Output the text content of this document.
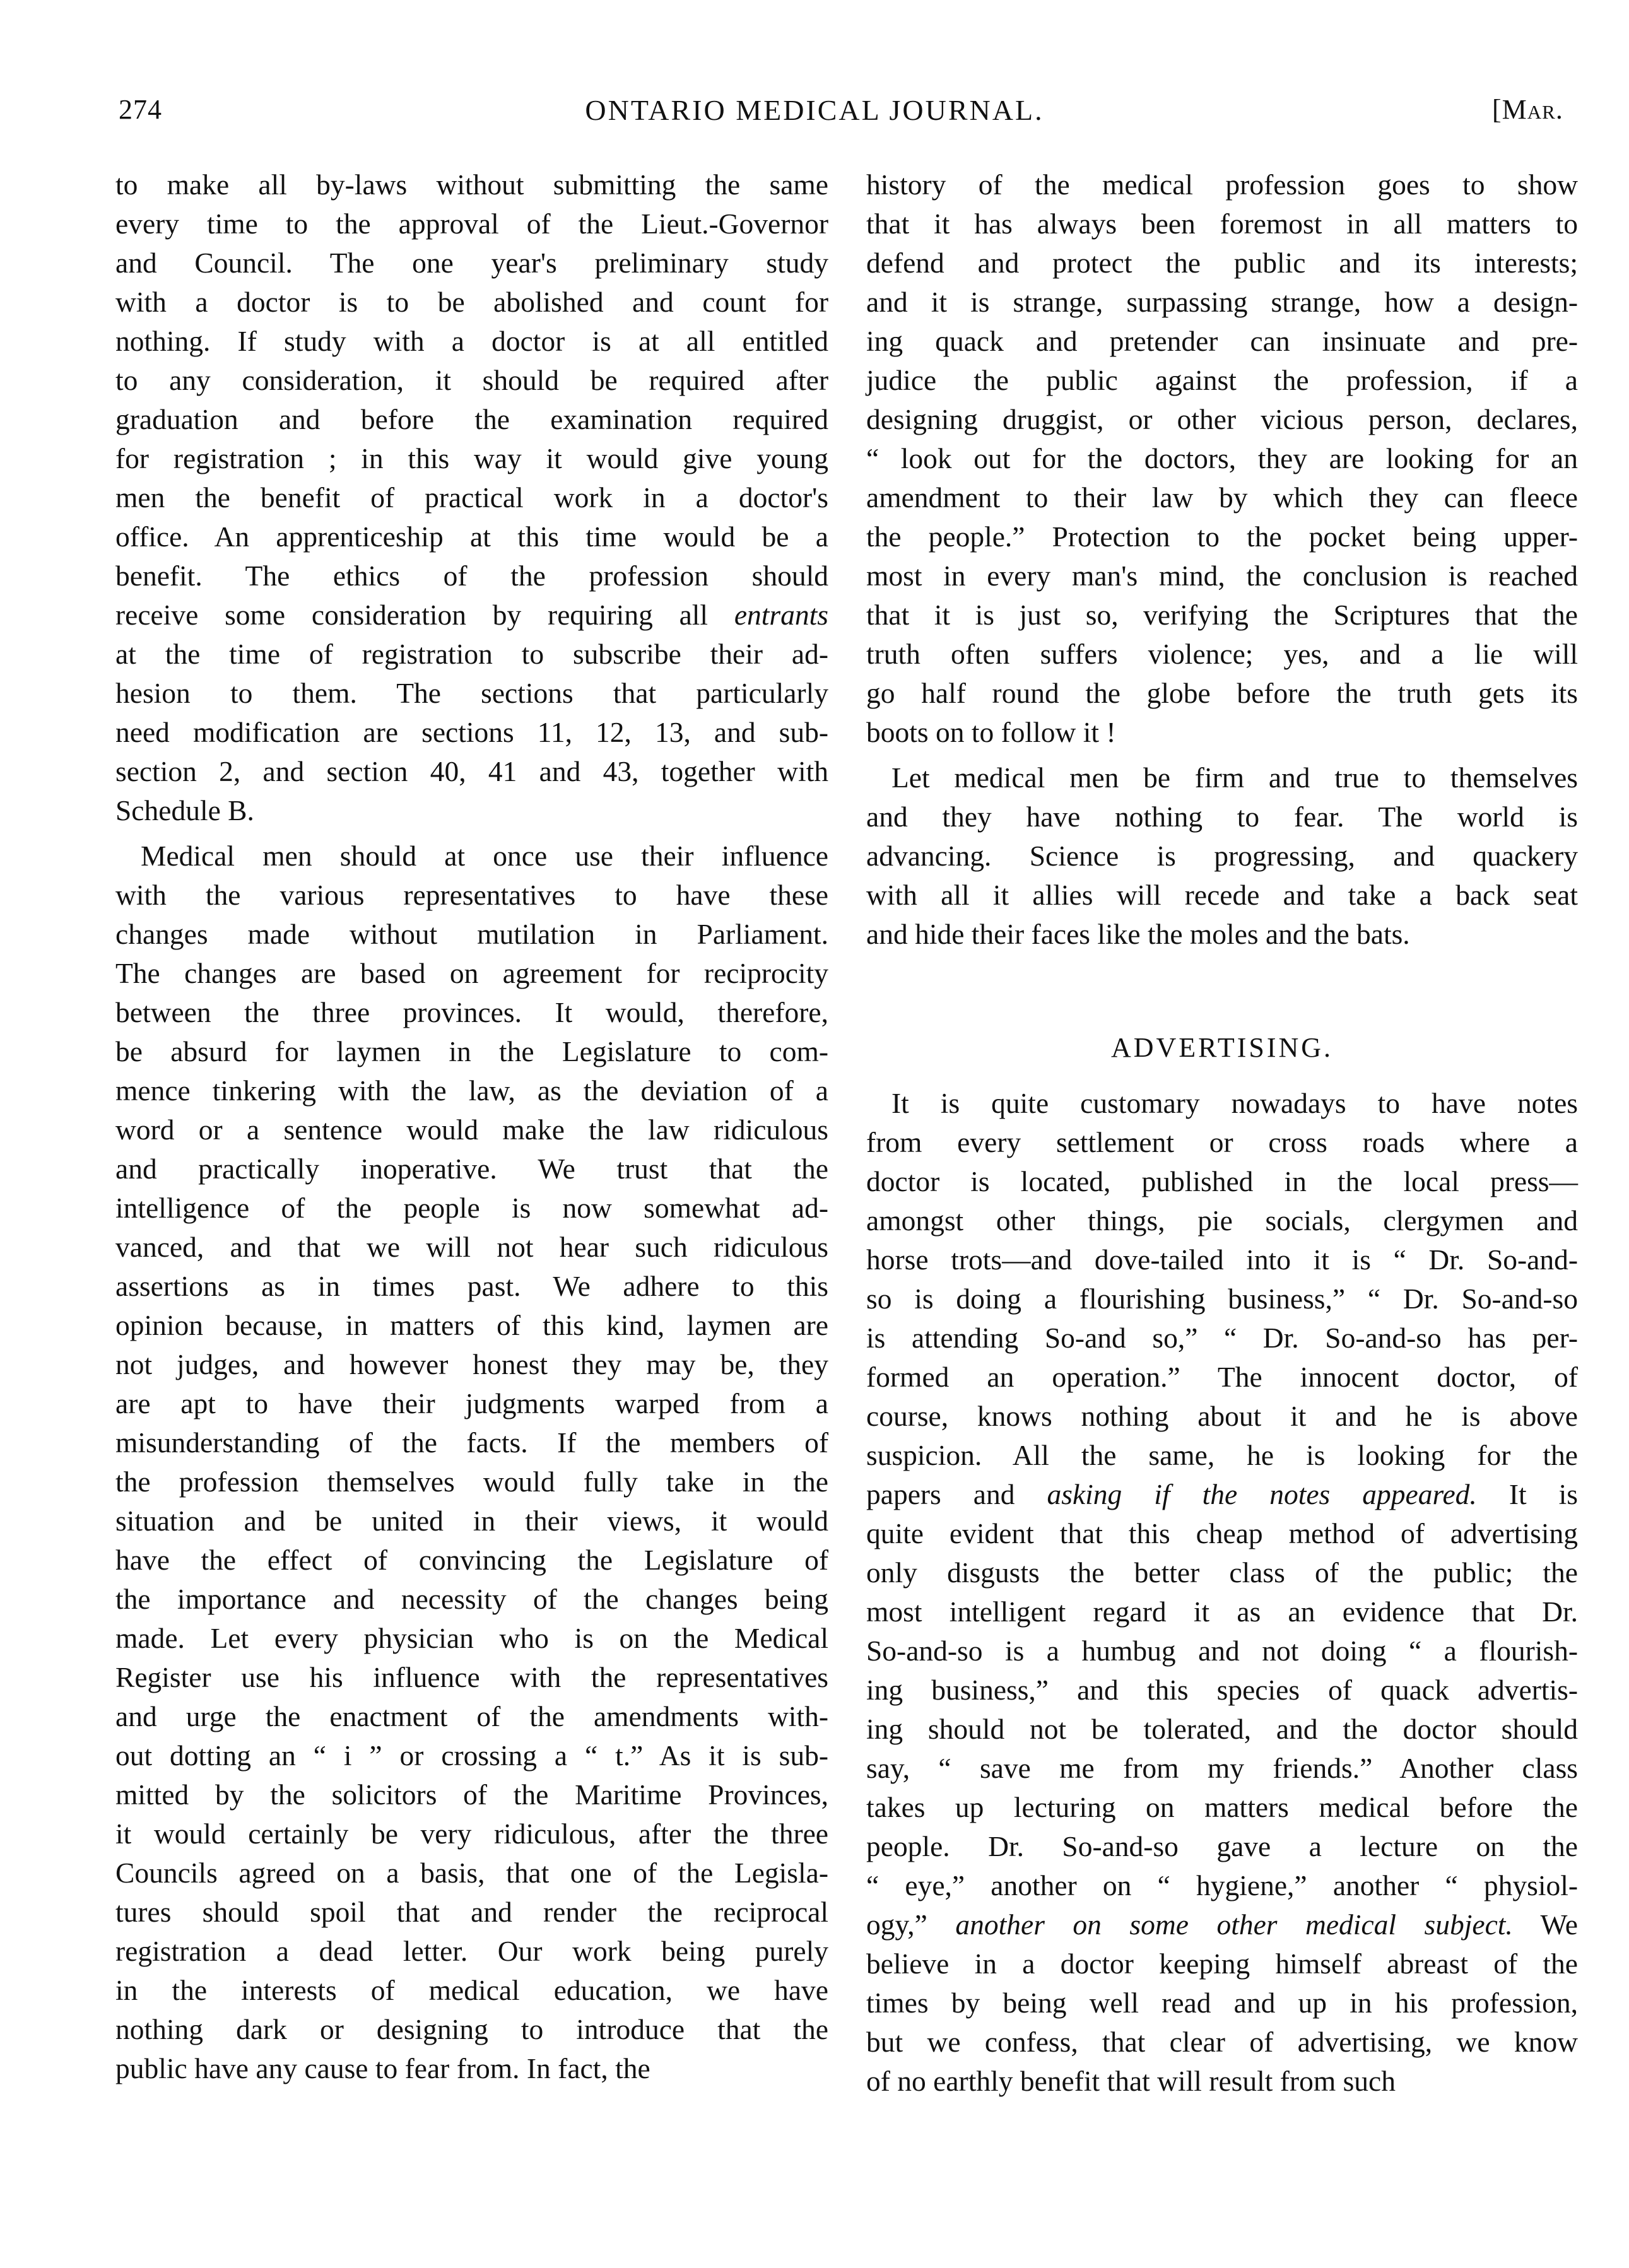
274	ONTARIO MEDICAL JOURNAL.	[Mar.
to make all by-laws without submitting the same
every time to the approval of the Lieut.-Governor
and Council. The one year's preliminary study
with a doctor is to be abolished and count for
nothing. If study with a doctor is at all entitled
to any consideration, it should be required after
graduation and before the examination required
for registration ; in this way it would give young
men the benefit of practical work in a doctor's
office. An apprenticeship at this time would be a
benefit. The ethics of the profession should
receive some consideration by requiring all entrants
at the time of registration to subscribe their ad-
hesion to them. The sections that particularly
need modification are sections 11, 12, 13, and sub-
section 2, and section 40, 41 and 43, together with
Schedule B.
Medical men should at once use their influence
with the various representatives to have these
changes made without mutilation in Parliament.
The changes are based on agreement for reciprocity
between the three provinces. It would, therefore,
be absurd for laymen in the Legislature to com-
mence tinkering with the law, as the deviation of a
word or a sentence would make the law ridiculous
and practically inoperative. We trust that the
intelligence of the people is now somewhat ad-
vanced, and that we will not hear such ridiculous
assertions as in times past. We adhere to this
opinion because, in matters of this kind, laymen are
not judges, and however honest they may be, they
are apt to have their judgments warped from a
misunderstanding of the facts. If the members of
the profession themselves would fully take in the
situation and be united in their views, it would
have the effect of convincing the Legislature of
the importance and necessity of the changes being
made. Let every physician who is on the Medical
Register use his influence with the representatives
and urge the enactment of the amendments with-
out dotting an “ i ” or crossing a “ t.” As it is sub-
mitted by the solicitors of the Maritime Provinces,
it would certainly be very ridiculous, after the three
Councils agreed on a basis, that one of the Legisla-
tures should spoil that and render the reciprocal
registration a dead letter. Our work being purely
in the interests of medical education, we have
nothing dark or designing to introduce that the
public have any cause to fear from. In fact, the
history of the medical profession goes to show
that it has always been foremost in all matters to
defend and protect the public and its interests;
and it is strange, surpassing strange, how a design-
ing quack and pretender can insinuate and pre-
judice the public against the profession, if a
designing druggist, or other vicious person, declares,
“ look out for the doctors, they are looking for an
amendment to their law by which they can fleece
the people.” Protection to the pocket being upper-
most in every man's mind, the conclusion is reached
that it is just so, verifying the Scriptures that the
truth often suffers violence; yes, and a lie will
go half round the globe before the truth gets its
boots on to follow it !
Let medical men be firm and true to themselves
and they have nothing to fear. The world is
advancing. Science is progressing, and quackery
with all it allies will recede and take a back seat
and hide their faces like the moles and the bats.
ADVERTISING.
It is quite customary nowadays to have notes
from every settlement or cross roads where a
doctor is located, published in the local press—
amongst other things, pie socials, clergymen and
horse trots—and dove-tailed into it is “ Dr. So-and-
so is doing a flourishing business,” “ Dr. So-and-so
is attending So-and so,” “ Dr. So-and-so has per-
formed an operation.” The innocent doctor, of
course, knows nothing about it and he is above
suspicion. All the same, he is looking for the
papers and asking if the notes appeared. It is
quite evident that this cheap method of advertising
only disgusts the better class of the public; the
most intelligent regard it as an evidence that Dr.
So-and-so is a humbug and not doing “ a flourish-
ing business,” and this species of quack advertis-
ing should not be tolerated, and the doctor should
say, “ save me from my friends.” Another class
takes up lecturing on matters medical before the
people. Dr. So-and-so gave a lecture on the
“ eye,” another on “ hygiene,” another “ physiol-
ogy,” another on some other medical subject. We
believe in a doctor keeping himself abreast of the
times by being well read and up in his profession,
but we confess, that clear of advertising, we know
of no earthly benefit that will result from such
